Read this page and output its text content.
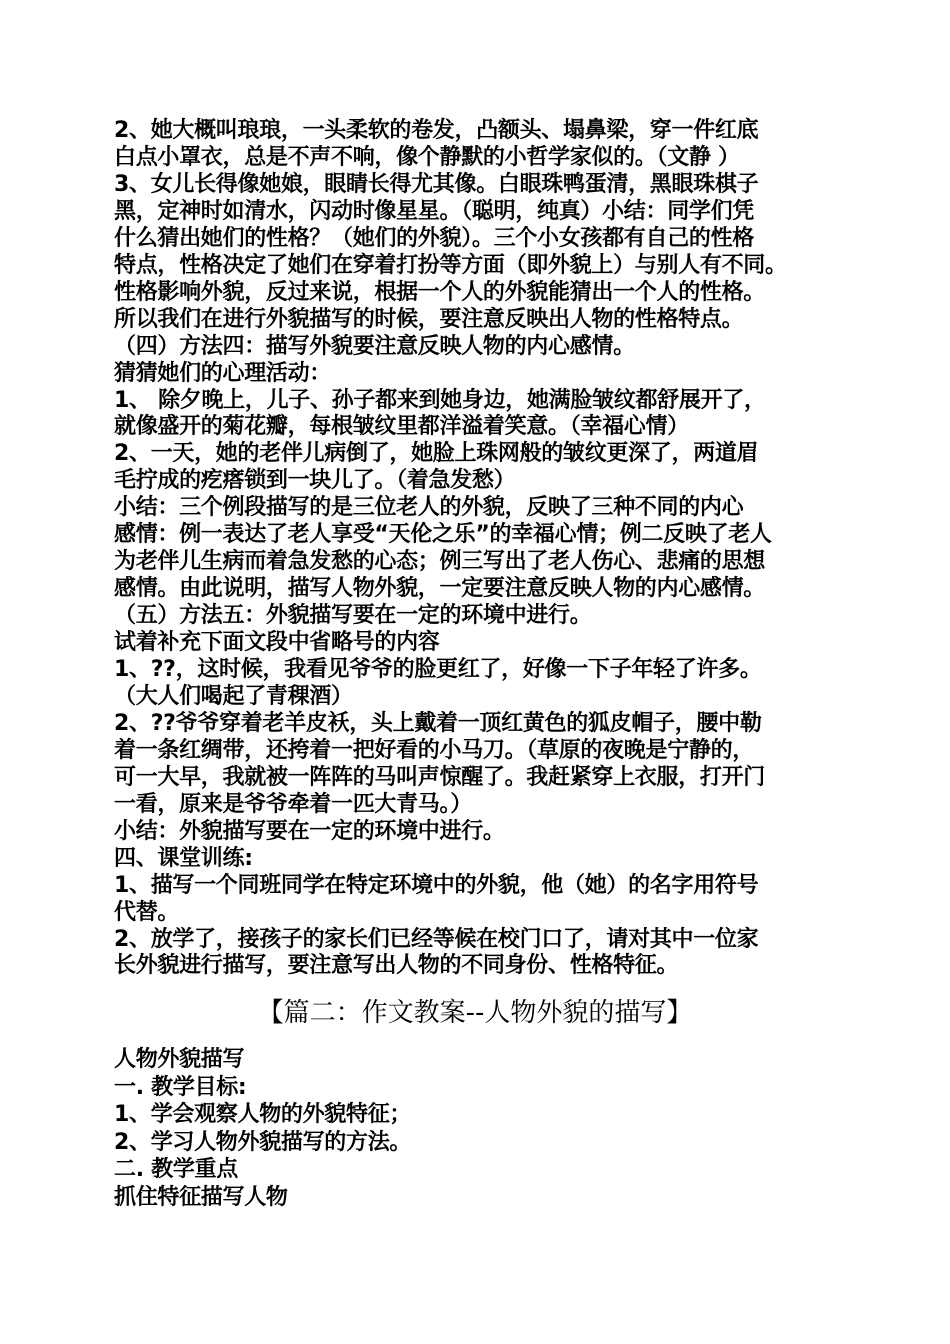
2、她大概叫琅琅，一头柔软的卷发，凸额头、塌鼻梁，穿一件红底
白点小罩衣，总是不声不响，像个静默的小哲学家似的。（文静 ）
3、女儿长得像她娘，眼睛长得尤其像。白眼珠鸭蛋清，黑眼珠棋子
黑，定神时如清水，闪动时像星星。（聪明，纯真）小结：同学们凭
什么猜出她们的性格？（她们的外貌）。三个小女孩都有自己的性格
特点，性格决定了她们在穿着打扮等方面（即外貌上）与别人有不同。
性格影响外貌，反过来说，根据一个人的外貌能猜出一个人的性格。
所以我们在进行外貌描写的时候，要注意反映出人物的性格特点。
（四）方法四：描写外貌要注意反映人物的内心感情。
猜猜她们的心理活动：
1、 除夕晚上，儿子、孙子都来到她身边，她满脸皱纹都舒展开了，
就像盛开的菊花瓣，每根皱纹里都洋溢着笑意。（幸福心情）
2、一天，她的老伴儿病倒了，她脸上珠网般的皱纹更深了，两道眉
毛拧成的疙瘩锁到一块儿了。（着急发愁）
小结：三个例段描写的是三位老人的外貌，反映了三种不同的内心
感情：例一表达了老人享受“天伦之乐”的幸福心情；例二反映了老人
为老伴儿生病而着急发愁的心态；例三写出了老人伤心、悲痛的思想
感情。由此说明，描写人物外貌，一定要注意反映人物的内心感情。
（五）方法五：外貌描写要在一定的环境中进行。
试着补充下面文段中省略号的内容
1、??，这时候，我看见爷爷的脸更红了，好像一下子年轻了许多。
（大人们喝起了青稞酒）
2、??爷爷穿着老羊皮袄，头上戴着一顶红黄色的狐皮帽子，腰中勒
着一条红绸带，还挎着一把好看的小马刀。（草原的夜晚是宁静的，
可一大早，我就被一阵阵的马叫声惊醒了。我赶紧穿上衣服，打开门
一看，原来是爷爷牵着一匹大青马。）
小结：外貌描写要在一定的环境中进行。
四、课堂训练:
1、描写一个同班同学在特定环境中的外貌，他（她）的名字用符号
代替。
2、放学了，接孩子的家长们已经等候在校门口了，请对其中一位家
长外貌进行描写，要注意写出人物的不同身份、性格特征。
【篇二：作文教案--人物外貌的描写】
人物外貌描写
一. 教学目标:
1、学会观察人物的外貌特征；
2、学习人物外貌描写的方法。
二. 教学重点
抓住特征描写人物
